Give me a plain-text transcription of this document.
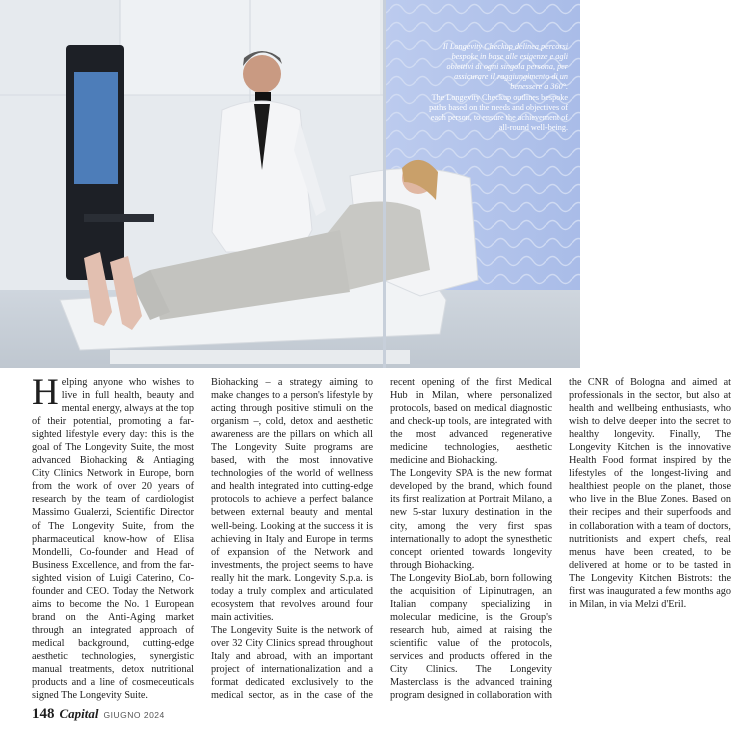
Il Longevity Checkup delinea percorsi bespoke in base alle esigenze e agli obiettivi di ogni singola persona, per assicurare il raggiungimento di un benessere a 360°.
The Longevity Checkup outlines bespoke paths based on the needs and objectives of each person, to ensure the achievement of all-round well-being.

Helping anyone who wishes to live in full health, beauty and mental energy, always at the top of their potential, promoting a far-sighted lifestyle every day: this is the goal of The Longevity Suite, the most advanced Biohacking & Antiaging City Clinics Network in Europe, born from the work of over 20 years of research by the team of cardiologist Massimo Gualerzi, Scientific Director of The Longevity Suite, from the pharmaceutical know-how of Elisa Mondelli, Co-founder and Head of Business Excellence, and from the far-sighted vision of Luigi Caterino, Co-founder and CEO. Today the Network aims to become the No. 1 European brand on the Anti-Aging market through an integrated approach of medical background, cutting-edge aesthetic technologies, synergistic manual treatments, detox nutritional products and a line of cosmeceuticals signed The Longevity Suite.

Biohacking – a strategy aiming to make changes to a person's lifestyle by acting through positive stimuli on the organism –, cold, detox and aesthetic awareness are the pillars on which all The Longevity Suite programs are based, with the most innovative technologies of the world of wellness and health integrated into cutting-edge protocols to achieve a perfect balance between external beauty and mental well-being. Looking at the success it is achieving in Italy and Europe in terms of expansion of the Network and investments, the project seems to have really hit the mark. Longevity S.p.a. is today a truly complex and articulated ecosystem that revolves around four main activities.

The Longevity Suite is the network of over 32 City Clinics spread throughout Italy and abroad, with an important project of internationalization and a format dedicated exclusively to the medical sector, as in the case of the recent opening of the first Medical Hub in Milan, where personalized protocols, based on medical diagnostic and check-up tools, are integrated with the most advanced regenerative medicine technologies, aesthetic medicine and Biohacking.

The Longevity SPA is the new format developed by the brand, which found its first realization at Portrait Milano, a new 5-star luxury destination in the city, among the very first spas internationally to adopt the synesthetic concept oriented towards longevity through Biohacking.

The Longevity BioLab, born following the acquisition of Lipinutragen, an Italian company specializing in molecular medicine, is the Group's research hub, aimed at raising the scientific value of the protocols, services and products offered in the City Clinics. The Longevity Masterclass is the advanced training program designed in collaboration with the CNR of Bologna and aimed at professionals in the sector, but also at health and wellbeing enthusiasts, who wish to delve deeper into the secret to healthy longevity. Finally, The Longevity Kitchen is the innovative Health Food format inspired by the lifestyles of the longest-living and healthiest people on the planet, those who live in the Blue Zones. Based on their recipes and their superfoods and in collaboration with a team of doctors, nutritionists and expert chefs, real menus have been created, to be delivered at home or to be tasted in The Longevity Kitchen Bistrots: the first was inaugurated a few months ago in Milan, in via Melzi d'Eril.

148 Capital GIUGNO 2024
